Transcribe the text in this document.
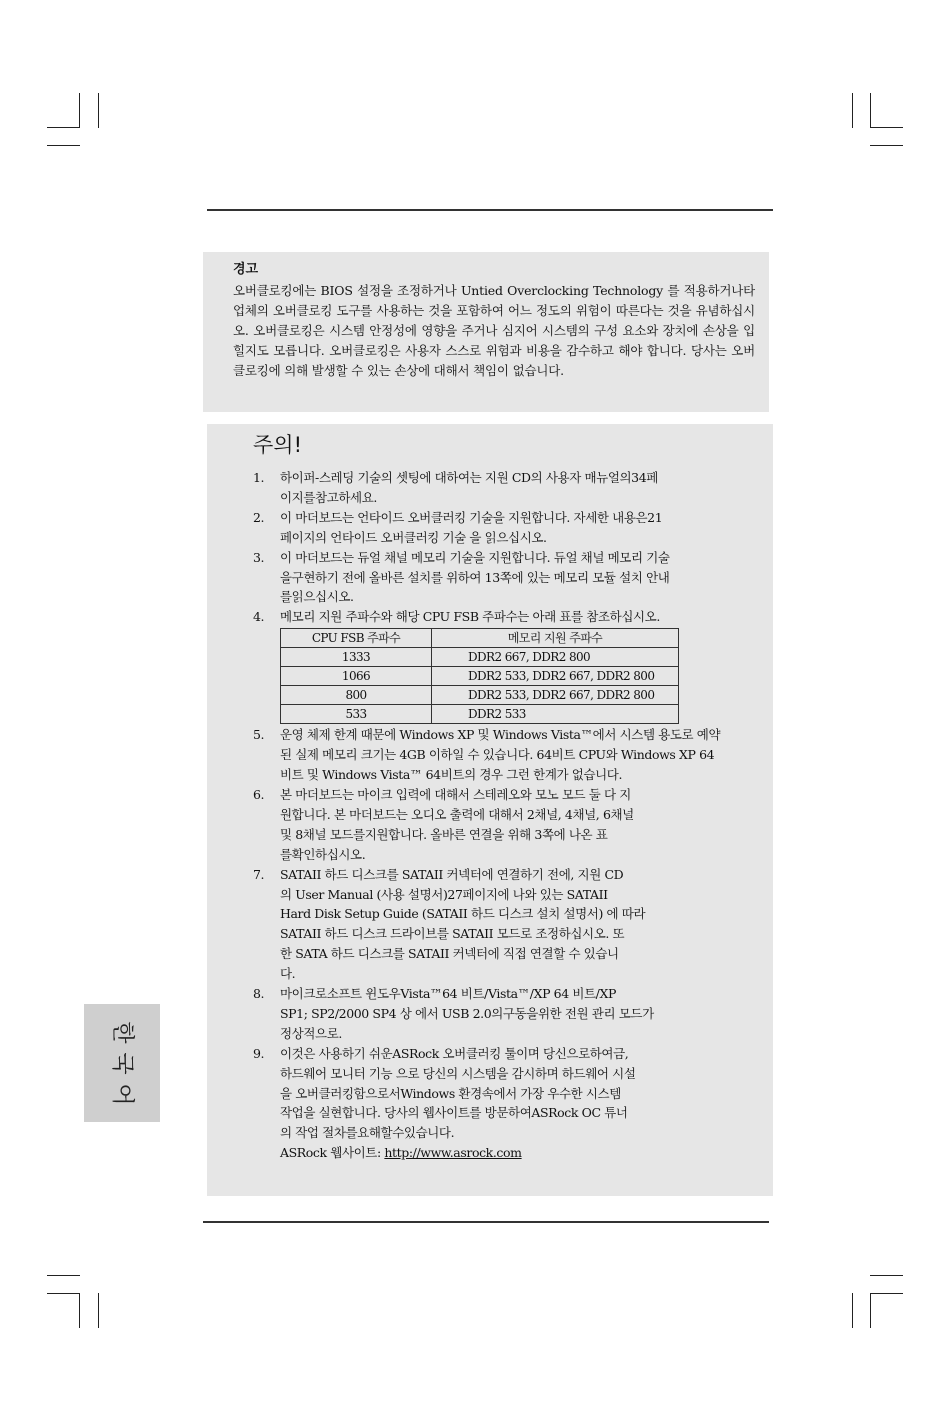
경고

오버클로킹에는 BIOS 설정을 조정하거나 Untied Overclocking Technology 를 적용하거나타업체의 오버클로킹 도구를 사용하는 것을 포함하여 어느 정도의 위험이 따른다는 것을 유념하십시오. 오버클로킹은 시스템 안정성에 영향을 주거나 심지어 시스템의 구성 요소와 장치에 손상을 입힐지도 모릅니다. 오버클로킹은 사용자 스스로 위험과 비용을 감수하고 해야 합니다. 당사는 오버클로킹에 의해 발생할 수 있는 손상에 대해서 책임이 없습니다.

주의!

1. 하이퍼-스레딩 기술의 셋팅에 대하여는 지원 CD의 사용자 매뉴얼의34페
이지를참고하세요.
2. 이 마더보드는 언타이드 오버클러킹 기술을 지원합니다. 자세한 내용은21
페이지의 언타이드 오버클러킹 기술 을 읽으십시오.
3. 이 마더보드는 듀얼 채널 메모리 기술을 지원합니다. 듀얼 채널 메모리 기술
을구현하기 전에 올바른 설치를 위하여 13쪽에 있는 메모리 모듈 설치 안내
를읽으십시오.
4. 메모리 지원 주파수와 해당 CPU FSB 주파수는 아래 표를 참조하십시오.
CPU FSB 주파수	메모리 지원 주파수
1333	DDR2 667, DDR2 800
1066	DDR2 533, DDR2 667, DDR2 800
800	DDR2 533, DDR2 667, DDR2 800
533	DDR2 533
5. 운영 체제 한계 때문에 Windows XP 및 Windows Vista™에서 시스템 용도로 예약
된 실제 메모리 크기는 4GB 이하일 수 있습니다. 64비트 CPU와 Windows XP 64
비트 및 Windows Vista™ 64비트의 경우 그런 한계가 없습니다.
6. 본 마더보드는 마이크 입력에 대해서 스테레오와 모노 모드 둘 다 지
원합니다. 본 마더보드는 오디오 출력에 대해서 2채널, 4채널, 6채널
및 8채널 모드를지원합니다. 올바른 연결을 위해 3쪽에 나온 표
를확인하십시오.
7. SATAII 하드 디스크를 SATAII 커넥터에 연결하기 전에, 지원 CD
의 User Manual (사용 설명서)27페이지에 나와 있는 SATAII
Hard Disk Setup Guide (SATAII 하드 디스크 설치 설명서) 에 따라
SATAII 하드 디스크 드라이브를 SATAII 모드로 조정하십시오. 또
한 SATA 하드 디스크를 SATAII 커넥터에 직접 연결할 수 있습니
다.
8. 마이크로소프트 윈도우Vista™64 비트/Vista™/XP 64 비트/XP
SP1; SP2/2000 SP4 상 에서 USB 2.0의구동을위한 전원 관리 모드가
정상적으로.
9. 이것은 사용하기 쉬운ASRock 오버클러킹 툴이며 당신으로하여금,
하드웨어 모니터 기능 으로 당신의 시스템을 감시하며 하드웨어 시설
을 오버클러킹함으로서Windows 환경속에서 가장 우수한 시스템
작업을 실현합니다. 당사의 웹사이트를 방문하여ASRock OC 튜너
의 작업 절차를요해할수있습니다.
ASRock 웹사이트: http://www.asrock.com
한
국
어
